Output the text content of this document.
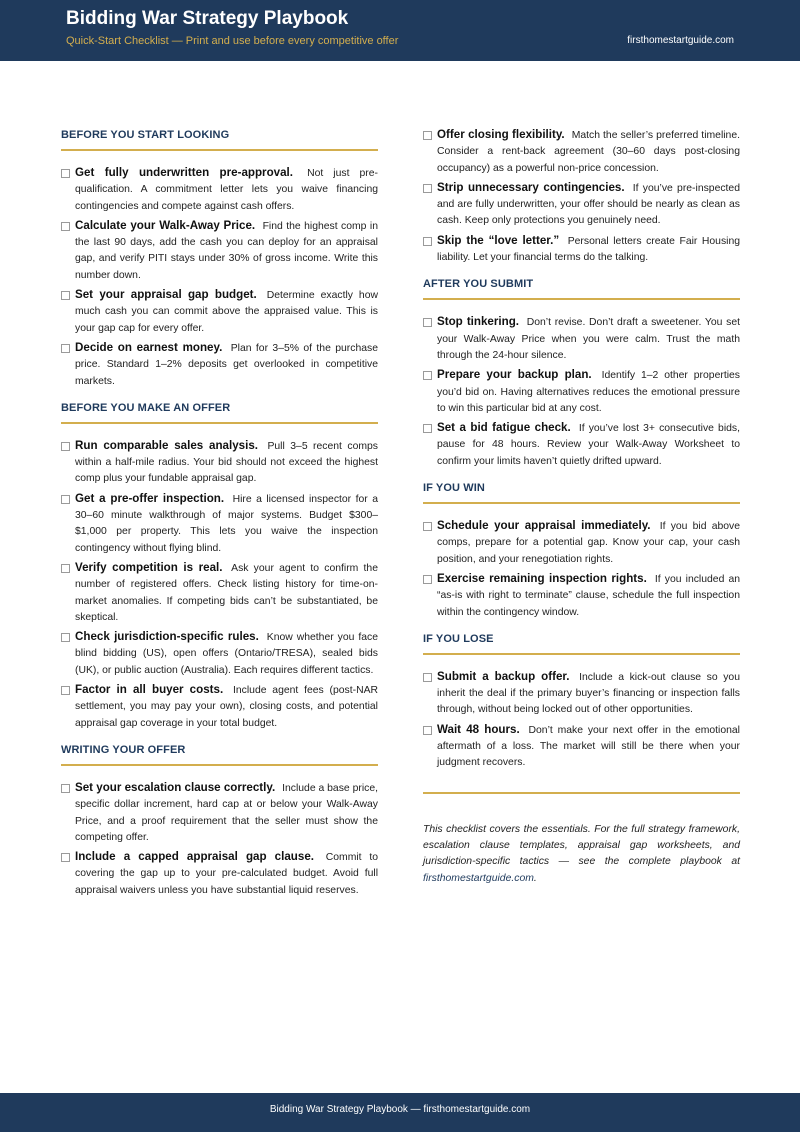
Bidding War Strategy Playbook
Quick-Start Checklist — Print and use before every competitive offer	firsthomestartguide.com
BEFORE YOU START LOOKING
Get fully underwritten pre-approval. Not just pre-qualification. A commitment letter lets you waive financing contingencies and compete against cash offers.
Calculate your Walk-Away Price. Find the highest comp in the last 90 days, add the cash you can deploy for an appraisal gap, and verify PITI stays under 30% of gross income. Write this number down.
Set your appraisal gap budget. Determine exactly how much cash you can commit above the appraised value. This is your gap cap for every offer.
Decide on earnest money. Plan for 3–5% of the purchase price. Standard 1–2% deposits get overlooked in competitive markets.
BEFORE YOU MAKE AN OFFER
Run comparable sales analysis. Pull 3–5 recent comps within a half-mile radius. Your bid should not exceed the highest comp plus your fundable appraisal gap.
Get a pre-offer inspection. Hire a licensed inspector for a 30–60 minute walkthrough of major systems. Budget $300–$1,000 per property. This lets you waive the inspection contingency without flying blind.
Verify competition is real. Ask your agent to confirm the number of registered offers. Check listing history for time-on-market anomalies. If competing bids can’t be substantiated, be skeptical.
Check jurisdiction-specific rules. Know whether you face blind bidding (US), open offers (Ontario/TRESA), sealed bids (UK), or public auction (Australia). Each requires different tactics.
Factor in all buyer costs. Include agent fees (post-NAR settlement, you may pay your own), closing costs, and potential appraisal gap coverage in your total budget.
WRITING YOUR OFFER
Set your escalation clause correctly. Include a base price, specific dollar increment, hard cap at or below your Walk-Away Price, and a proof requirement that the seller must show the competing offer.
Include a capped appraisal gap clause. Commit to covering the gap up to your pre-calculated budget. Avoid full appraisal waivers unless you have substantial liquid reserves.
Offer closing flexibility. Match the seller’s preferred timeline. Consider a rent-back agreement (30–60 days post-closing occupancy) as a powerful non-price concession.
Strip unnecessary contingencies. If you’ve pre-inspected and are fully underwritten, your offer should be nearly as clean as cash. Keep only protections you genuinely need.
Skip the “love letter.” Personal letters create Fair Housing liability. Let your financial terms do the talking.
AFTER YOU SUBMIT
Stop tinkering. Don’t revise. Don’t draft a sweetener. You set your Walk-Away Price when you were calm. Trust the math through the 24-hour silence.
Prepare your backup plan. Identify 1–2 other properties you’d bid on. Having alternatives reduces the emotional pressure to win this particular bid at any cost.
Set a bid fatigue check. If you’ve lost 3+ consecutive bids, pause for 48 hours. Review your Walk-Away Worksheet to confirm your limits haven’t quietly drifted upward.
IF YOU WIN
Schedule your appraisal immediately. If you bid above comps, prepare for a potential gap. Know your cap, your cash position, and your renegotiation rights.
Exercise remaining inspection rights. If you included an “as-is with right to terminate” clause, schedule the full inspection within the contingency window.
IF YOU LOSE
Submit a backup offer. Include a kick-out clause so you inherit the deal if the primary buyer’s financing or inspection falls through, without being locked out of other opportunities.
Wait 48 hours. Don’t make your next offer in the emotional aftermath of a loss. The market will still be there when your judgment recovers.

This checklist covers the essentials. For the full strategy framework, escalation clause templates, appraisal gap worksheets, and jurisdiction-specific tactics — see the complete playbook at firsthomestartguide.com.

Bidding War Strategy Playbook — firsthomestartguide.com
